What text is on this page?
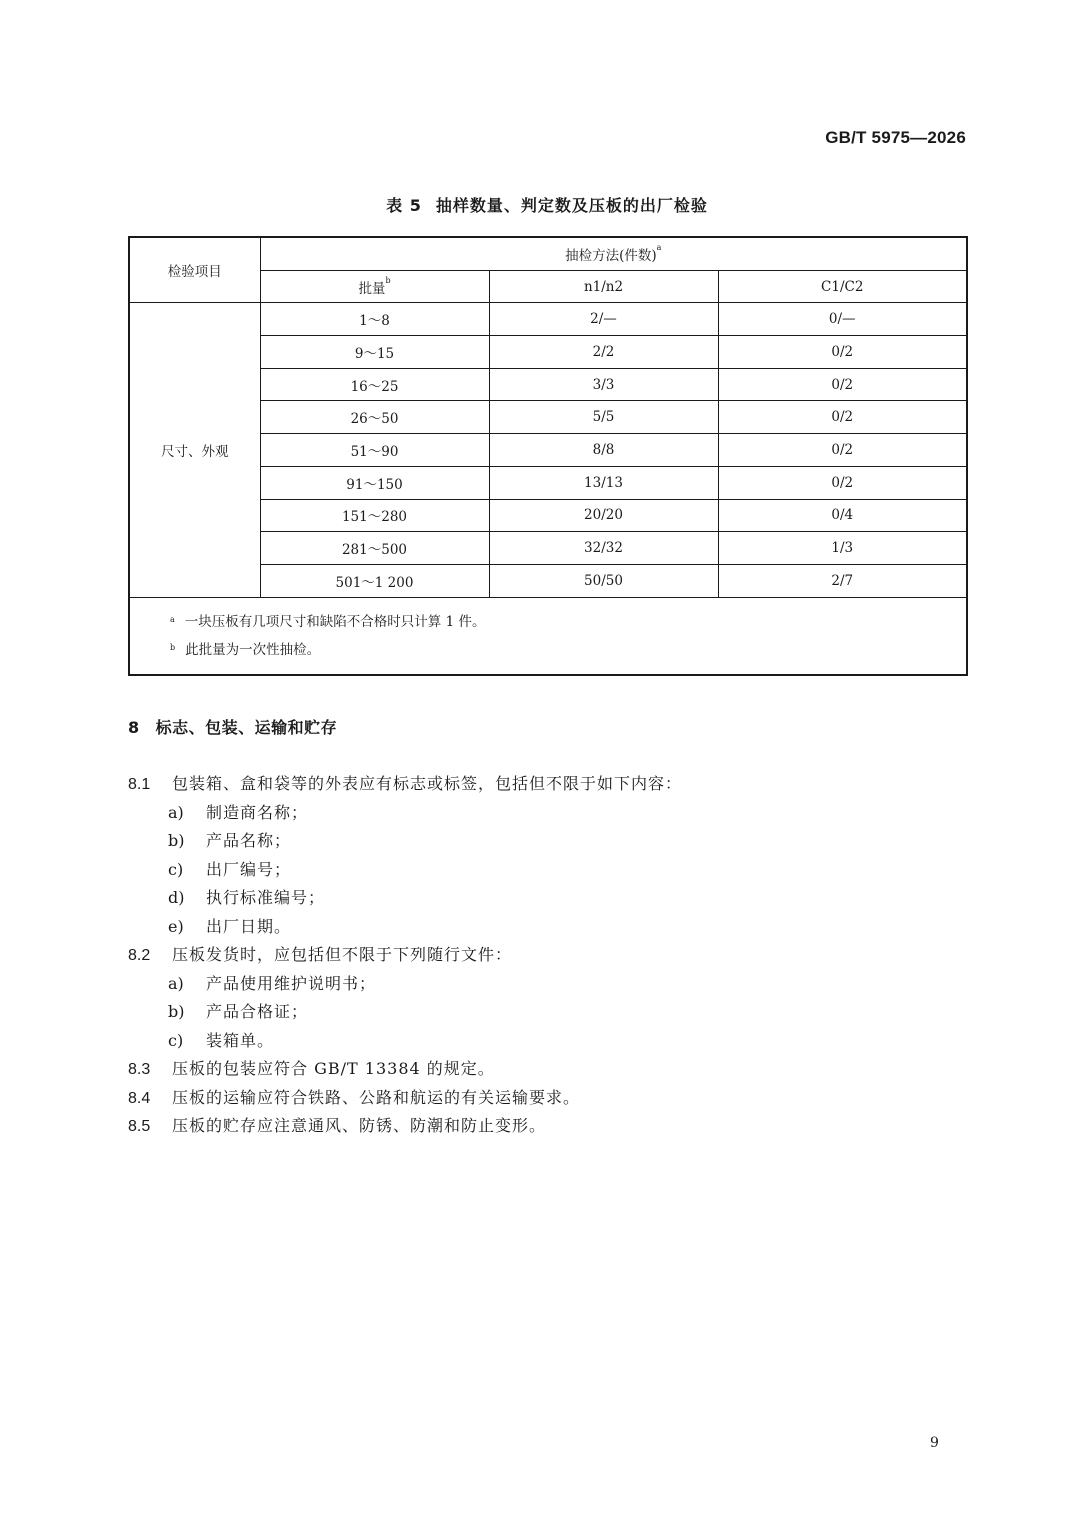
GB/T 5975—2026
表 5 抽样数量、判定数及压板的出厂检验
检验项目	抽检方法(件数)$^a$
	批量$^b$	n1/n2	C1/C2
尺寸、外观	1～8	2/—	0/—
	9～15	2/2	0/2
	16～25	3/3	0/2
	26～50	5/5	0/2
	51～90	8/8	0/2
	91～150	13/13	0/2
	151～280	20/20	0/4
	281～500	32/32	1/3
	501～1 200	50/50	2/7

$^a$ 一块压板有几项尺寸和缺陷不合格时只计算 1 件。
$^b$ 此批量为一次性抽检。			
8 标志、包装、运输和贮存
8.1 包装箱、盒和袋等的外表应有标志或标签，包括但不限于如下内容：
a) 制造商名称；
b) 产品名称；
c) 出厂编号；
d) 执行标准编号；
e) 出厂日期。
8.2 压板发货时，应包括但不限于下列随行文件：
a) 产品使用维护说明书；
b) 产品合格证；
c) 装箱单。
8.3 压板的包装应符合 GB/T 13384 的规定。
8.4 压板的运输应符合铁路、公路和航运的有关运输要求。
8.5 压板的贮存应注意通风、防锈、防潮和防止变形。
9
